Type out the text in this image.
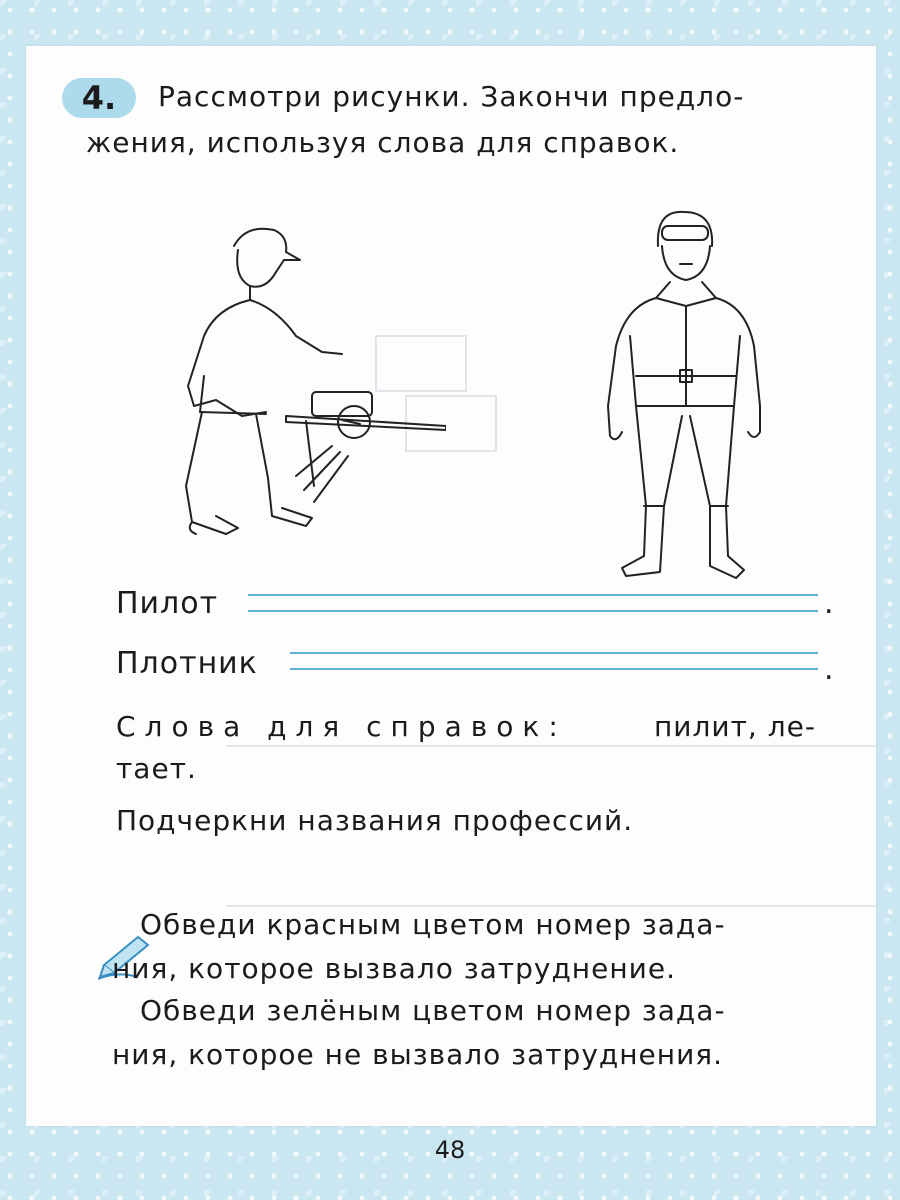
4.	Рассмотри рисунки. Закончи предло-
жения, используя слова для справок.
Пилот	.
Плотник	.
Слова для справок:	пилит, ле-
тает.
Подчеркни названия профессий.
Обведи красным цветом номер зада-
ния, которое вызвало затруднение.
Обведи зелёным цветом номер зада-
ния, которое не вызвало затруднения.
48
